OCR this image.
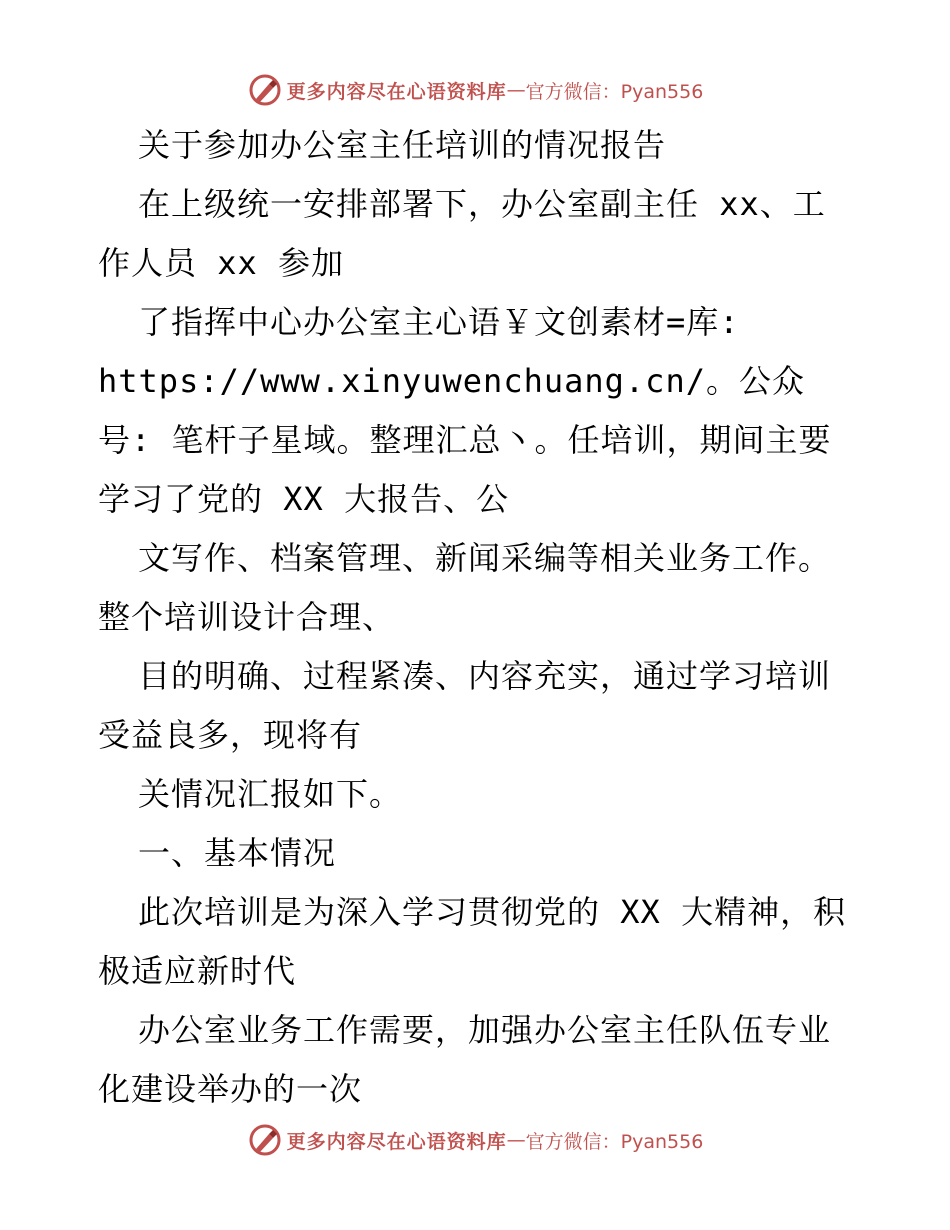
更多内容尽在心语资料库 — 官方微信：Pyan556

关于参加办公室主任培训的情况报告

在上级统一安排部署下，办公室副主任 xx、工作人员 xx 参加

了指挥中心办公室主心语￥文创素材=库: https://www.xinyuwenchuang.cn/。公众号: 笔杆子星域。整理汇总丶。任培训，期间主要学习了党的 XX 大报告、公

文写作、档案管理、新闻采编等相关业务工作。整个培训设计合理、

目的明确、过程紧凑、内容充实，通过学习培训受益良多，现将有

关情况汇报如下。

一、基本情况

此次培训是为深入学习贯彻党的 XX 大精神，积极适应新时代

办公室业务工作需要，加强办公室主任队伍专业化建设举办的一次

更多内容尽在心语资料库 — 官方微信：Pyan556
